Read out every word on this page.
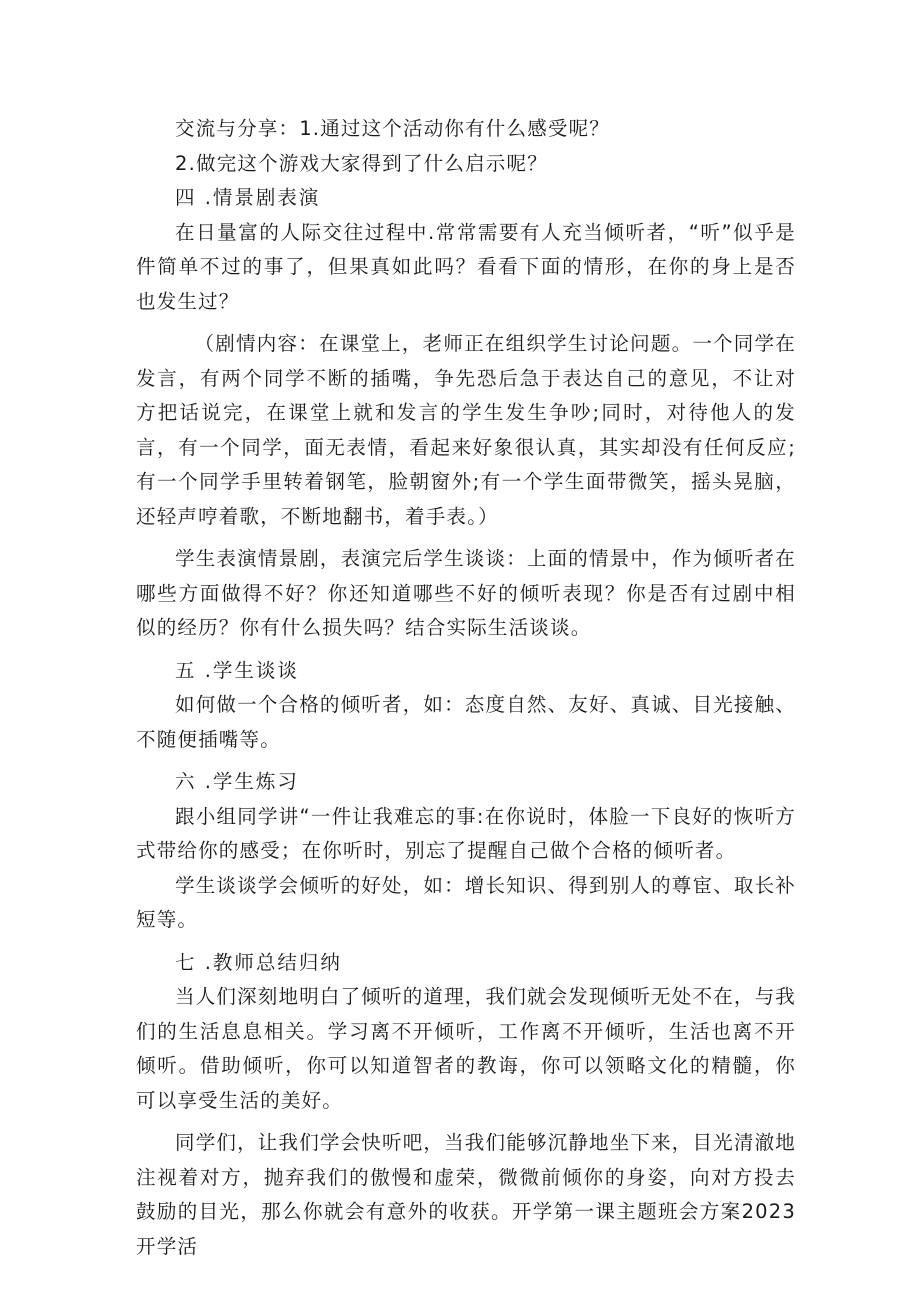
交流与分享：1.通过这个活动你有什么感受呢？

2.做完这个游戏大家得到了什么启示呢？

四 .情景剧表演

在日量富的人际交往过程中.常常需要有人充当倾听者，“听”似乎是件简单不过的事了，但果真如此吗？看看下面的情形，在你的身上是否也发生过？

（剧情内容：在课堂上，老师正在组织学生讨论问题。一个同学在发言，有两个同学不断的插嘴，争先恐后急于表达自己的意见，不让对方把话说完，在课堂上就和发言的学生发生争吵;同时，对待他人的发言，有一个同学，面无表情，看起来好象很认真，其实却没有任何反应;有一个同学手里转着钢笔，脸朝窗外;有一个学生面带微笑，摇头晃脑，还轻声哼着歌，不断地翻书，着手表。）

学生表演情景剧，表演完后学生谈谈：上面的情景中，作为倾听者在哪些方面做得不好？你还知道哪些不好的倾听表现？你是否有过剧中相似的经历？你有什么损失吗？结合实际生活谈谈。

五 .学生谈谈

如何做一个合格的倾听者，如：态度自然、友好、真诚、目光接触、不随便插嘴等。

六 .学生炼习

跟小组同学讲“一件让我难忘的事:在你说时，体脸一下良好的恢听方式带给你的感受；在你听时，别忘了提醒自己做个合格的倾听者。

学生谈谈学会倾听的好处，如：增长知识、得到别人的尊宦、取长补短等。

七 .教师总结归纳

当人们深刻地明白了倾听的道理，我们就会发现倾听无处不在，与我们的生活息息相关。学习离不开倾听，工作离不开倾听，生活也离不开倾听。借助倾听，你可以知道智者的教诲，你可以领略文化的精髓，你可以享受生活的美好。

同学们，让我们学会快听吧，当我们能够沉静地坐下来，目光清澈地注视着对方，抛弃我们的傲慢和虚荣，微微前倾你的身姿，向对方投去鼓励的目光，那么你就会有意外的收获。开学第一课主题班会方案2023开学活
